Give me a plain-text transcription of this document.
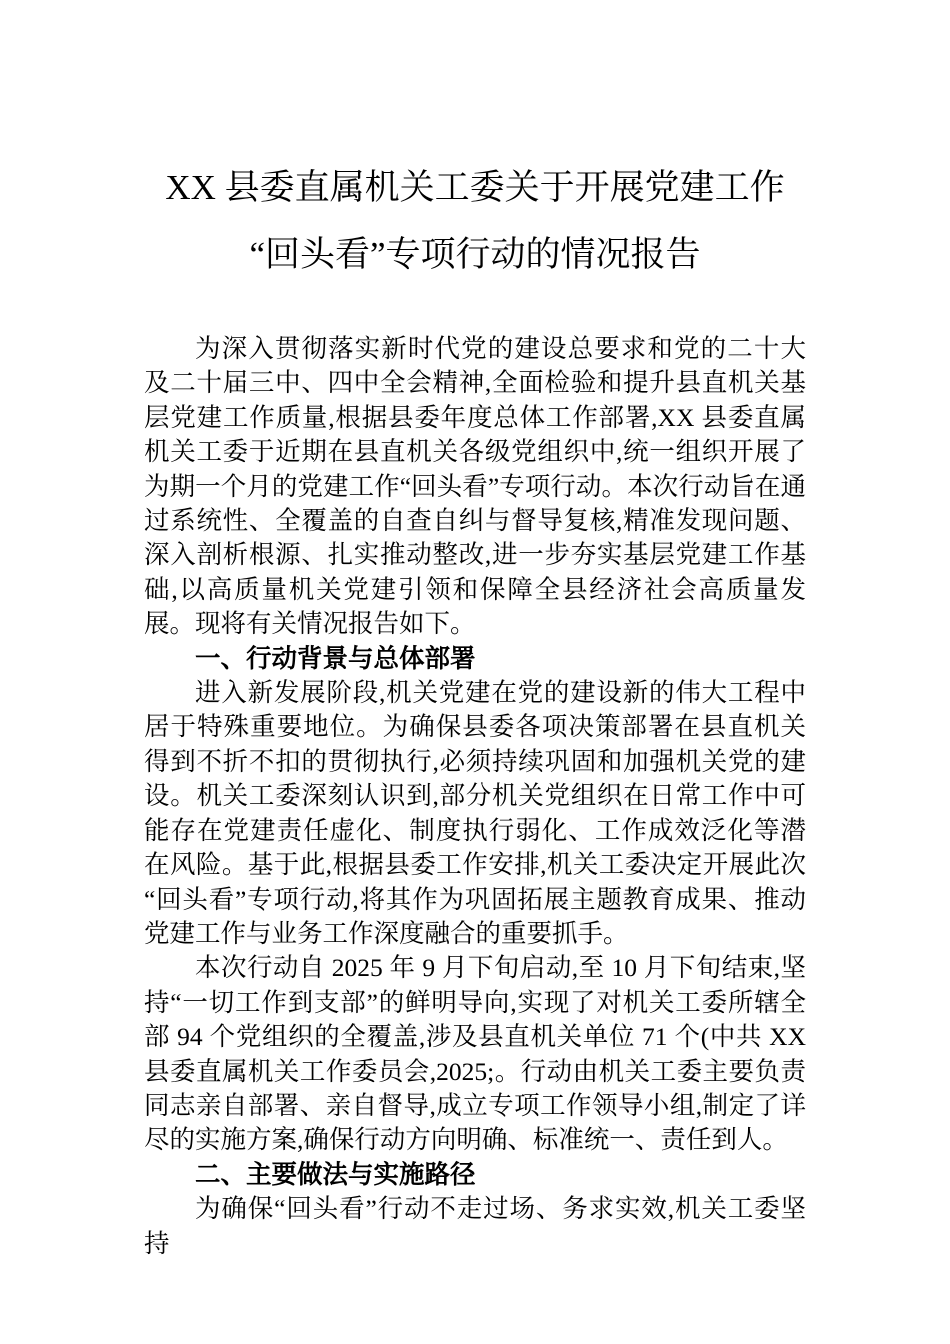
XX 县委直属机关工委关于开展党建工作
“回头看”专项行动的情况报告

为深入贯彻落实新时代党的建设总要求和党的二十大及二十届三中、四中全会精神,全面检验和提升县直机关基层党建工作质量,根据县委年度总体工作部署,XX 县委直属机关工委于近期在县直机关各级党组织中,统一组织开展了为期一个月的党建工作“回头看”专项行动。本次行动旨在通过系统性、全覆盖的自查自纠与督导复核,精准发现问题、深入剖析根源、扎实推动整改,进一步夯实基层党建工作基础,以高质量机关党建引领和保障全县经济社会高质量发展。现将有关情况报告如下。

一、行动背景与总体部署

进入新发展阶段,机关党建在党的建设新的伟大工程中居于特殊重要地位。为确保县委各项决策部署在县直机关得到不折不扣的贯彻执行,必须持续巩固和加强机关党的建设。机关工委深刻认识到,部分机关党组织在日常工作中可能存在党建责任虚化、制度执行弱化、工作成效泛化等潜在风险。基于此,根据县委工作安排,机关工委决定开展此次“回头看”专项行动,将其作为巩固拓展主题教育成果、推动党建工作与业务工作深度融合的重要抓手。

本次行动自 2025 年 9 月下旬启动,至 10 月下旬结束,坚持“一切工作到支部”的鲜明导向,实现了对机关工委所辖全部 94 个党组织的全覆盖,涉及县直机关单位 71 个(中共 XX 县委直属机关工作委员会,2025;。行动由机关工委主要负责同志亲自部署、亲自督导,成立专项工作领导小组,制定了详尽的实施方案,确保行动方向明确、标准统一、责任到人。

二、主要做法与实施路径

为确保“回头看”行动不走过场、务求实效,机关工委坚持
